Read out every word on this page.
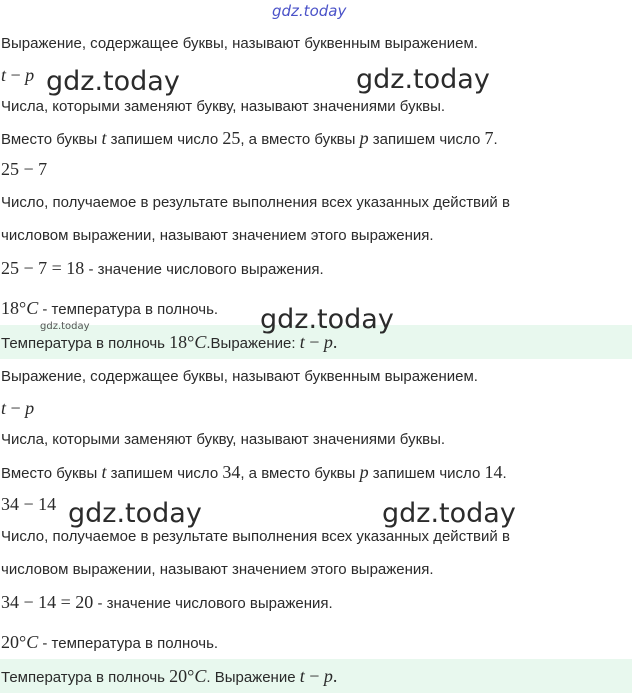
gdz.today
gdz.today	gdz.today
Выражение, содержащее буквы, называют буквенным выражением.
t − p
Числа, которыми заменяют букву, называют значениями буквы.
Вместо буквы t запишем число 25, а вместо буквы p запишем число 7.
25 − 7
Число, получаемое в результате выполнения всех указанных действий в
числовом выражении, называют значением этого выражения.
25 − 7 = 18 - значение числового выражения.
18°C - температура в полночь.
Температура в полночь 18°C.Выражение: t − p.
gdz.today	gdz.today
Выражение, содержащее буквы, называют буквенным выражением.
t − p
Числа, которыми заменяют букву, называют значениями буквы.
Вместо буквы t запишем число 34, а вместо буквы p запишем число 14.
34 − 14 gdz.today	gdz.today
Число, получаемое в результате выполнения всех указанных действий в
числовом выражении, называют значением этого выражения.
34 − 14 = 20 - значение числового выражения.
20°C - температура в полночь.
Температура в полночь 20°C. Выражение t − p.
